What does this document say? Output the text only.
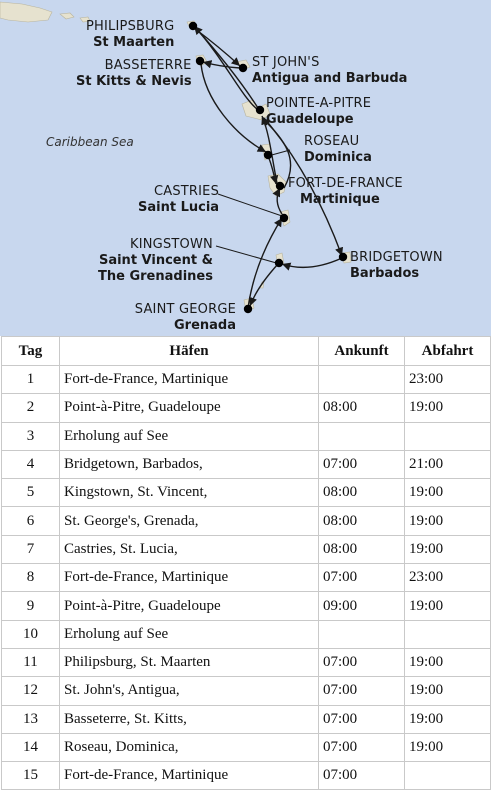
Caribbean Sea
PHILIPSBURG
St Maarten
ST JOHN'S
Antigua and Barbuda
BASSETERRE
St Kitts & Nevis
POINTE-A-PITRE
Guadeloupe
ROSEAU
Dominica
FORT-DE-FRANCE
Martinique
CASTRIES
Saint Lucia
BRIDGETOWN
Barbados
KINGSTOWN
Saint Vincent &
The Grenadines
SAINT GEORGE
Grenada
Tag	Häfen	Ankunft	Abfahrt
1	Fort-de-France, Martinique		23:00
2	Point-à-Pitre, Guadeloupe	08:00	19:00
3	Erholung auf See		
4	Bridgetown, Barbados,	07:00	21:00
5	Kingstown, St. Vincent,	08:00	19:00
6	St. George's, Grenada,	08:00	19:00
7	Castries, St. Lucia,	08:00	19:00
8	Fort-de-France, Martinique	07:00	23:00
9	Point-à-Pitre, Guadeloupe	09:00	19:00
10	Erholung auf See		
11	Philipsburg, St. Maarten	07:00	19:00
12	St. John's, Antigua,	07:00	19:00
13	Basseterre, St. Kitts,	07:00	19:00
14	Roseau, Dominica,	07:00	19:00
15	Fort-de-France, Martinique	07:00	
